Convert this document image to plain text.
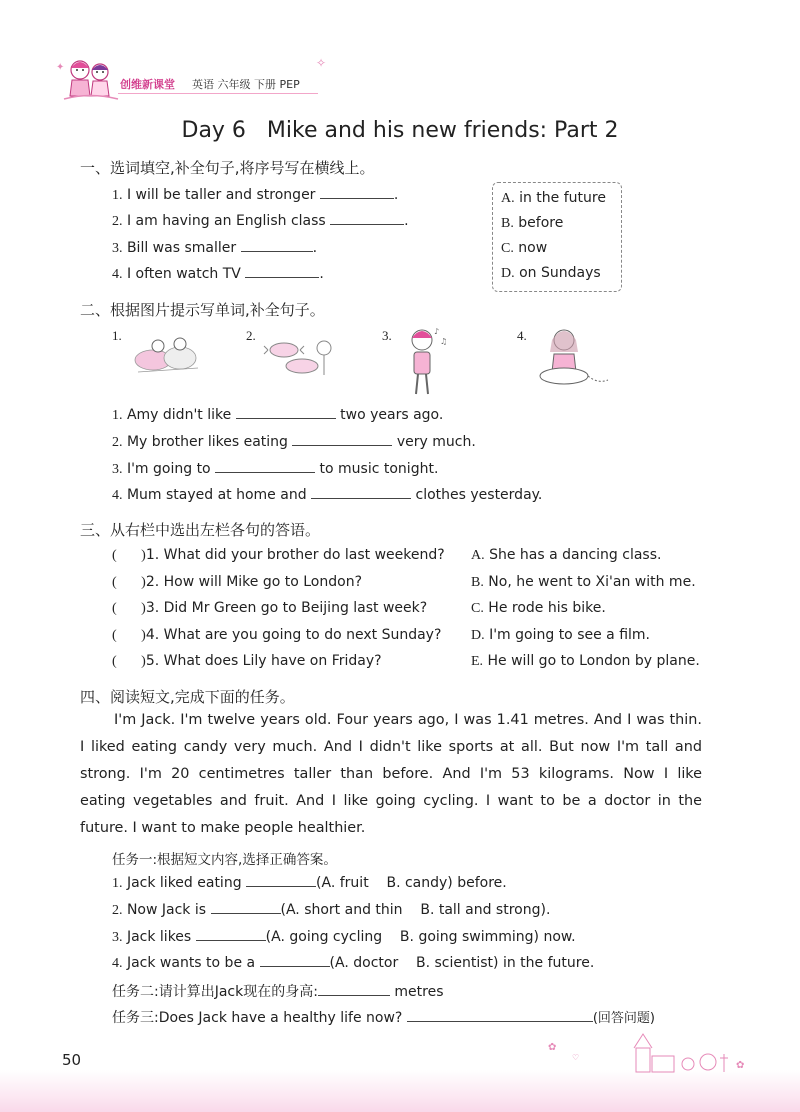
✦
创维新课堂 英语 六年级 下册 PEP
✧
Day 6   Mike and his new friends: Part 2
一、选词填空,补全句子,将序号写在横线上。
1. I will be taller and stronger	.
2. I am having an English class	.
3. Bill was smaller	.
4. I often watch TV	.
A. in the future
B. before
C. now
D. on Sundays
二、根据图片提示写单词,补全句子。
1.	2.	3.	♪
♫	4.
1. Amy didn't like	two years ago.
2. My brother likes eating	very much.
3. I'm going to	to music tonight.
4. Mum stayed at home and	clothes yesterday.
三、从右栏中选出左栏各句的答语。
(       )1. What did your brother do last weekend?
(       )2. How will Mike go to London?
(       )3. Did Mr Green go to Beijing last week?
(       )4. What are you going to do next Sunday?
(       )5. What does Lily have on Friday?
A. She has a dancing class.
B. No, he went to Xi'an with me.
C. He rode his bike.
D. I'm going to see a film.
E. He will go to London by plane.
四、阅读短文,完成下面的任务。
I'm Jack. I'm twelve years old. Four years ago, I was 1.41 metres. And I was thin.
I liked eating candy very much. And I didn't like sports at all. But now I'm tall and
strong. I'm 20 centimetres taller than before. And I'm 53 kilograms. Now I like
eating vegetables and fruit. And I like going cycling. I want to be a doctor in the
future. I want to make people healthier.
任务一:根据短文内容,选择正确答案。
1. Jack liked eating	(A. fruit    B. candy) before.
2. Now Jack is	(A. short and thin    B. tall and strong).
3. Jack likes	(A. going cycling    B. going swimming) now.
4. Jack wants to be a	(A. doctor    B. scientist) in the future.
任务二:请计算出Jack现在的身高:	metres
任务三:Does Jack have a healthy life now?	(回答问题)
✿
♡
✿
50
